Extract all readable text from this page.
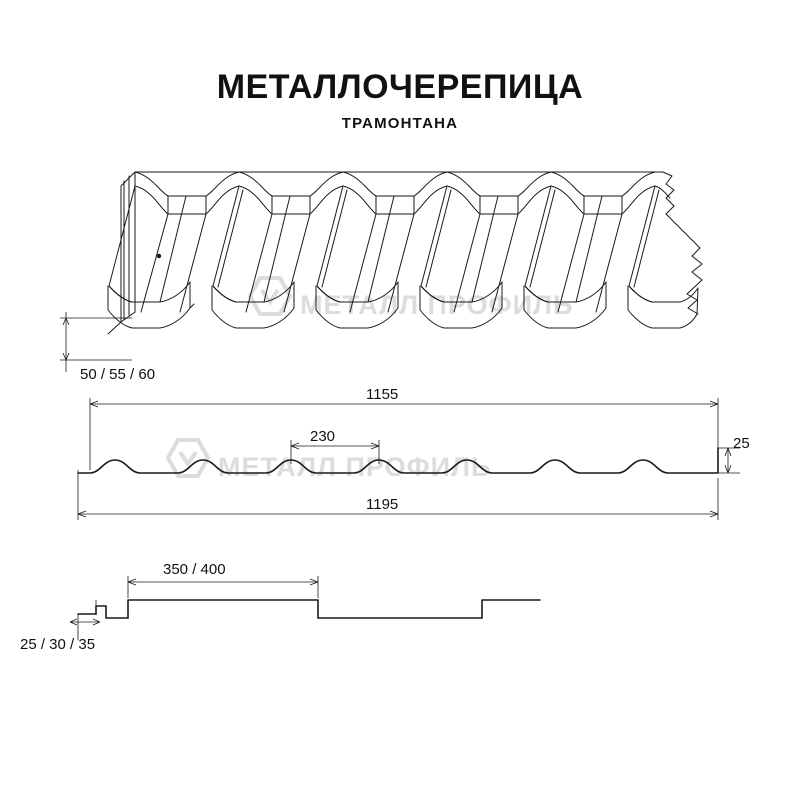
МЕТАЛЛОЧЕРЕПИЦА
ТРАМОНТАНА
МЕТАЛЛ ПРОФИЛЬ
МЕТАЛЛ ПРОФИЛЬ
50 / 55 / 60
1155
230	25
1195
350 / 400
25 / 30 / 35
